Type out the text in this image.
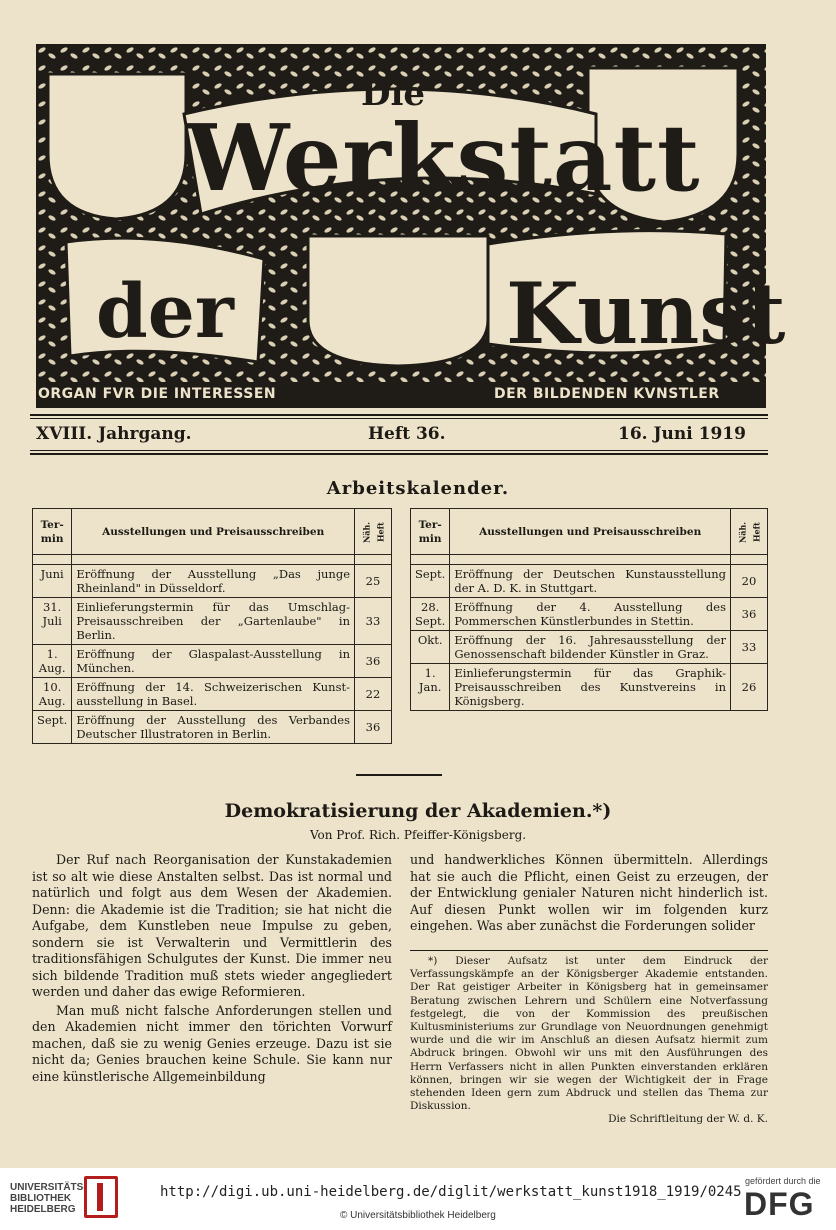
Die
Werkstatt
der	Kunst
ORGAN FVR DIE INTERESSEN	DER BILDENDEN KVNSTLER
XVIII. Jahrgang.	Heft 36.	16. Juni 1919
Arbeitskalender.
Ter-min	Ausstellungen und Preisausschreiben	Näh. Heft

Juni	Eröffnung der Ausstellung „Das junge Rheinland" in Düsseldorf.	25
31. Juli	Einlieferungstermin für das Umschlag-Preisausschreiben der „Gartenlaube" in Berlin.	33
1. Aug.	Eröffnung der Glaspalast-Ausstellung in München.	36
10. Aug.	Eröffnung der 14. Schweizerischen Kunst-ausstellung in Basel.	22
Sept.	Eröffnung der Ausstellung des Verbandes Deutscher Illustratoren in Berlin.	36
Ter-min	Ausstellungen und Preisausschreiben	Näh. Heft

Sept.	Eröffnung der Deutschen Kunstausstellung der A. D. K. in Stuttgart.	20
28. Sept.	Eröffnung der 4. Ausstellung des Pommerschen Künstlerbundes in Stettin.	36
Okt.	Eröffnung der 16. Jahresausstellung der Genossenschaft bildender Künstler in Graz.	33
1. Jan.	Einlieferungstermin für das Graphik-Preisausschreiben des Kunstvereins in Königsberg.	26
Demokratisierung der Akademien.*)
Von Prof. Rich. Pfeiffer-Königsberg.

Der Ruf nach Reorganisation der Kunstakademien ist so alt wie diese Anstalten selbst. Das ist normal und natürlich und folgt aus dem Wesen der Akademien. Denn: die Akademie ist die Tradition; sie hat nicht die Aufgabe, dem Kunstleben neue Impulse zu geben, sondern sie ist Verwalterin und Vermittlerin des traditionsfähigen Schulgutes der Kunst. Die immer neu sich bildende Tradition muß stets wieder angegliedert werden und daher das ewige Reformieren.

Man muß nicht falsche Anforderungen stellen und den Akademien nicht immer den törichten Vorwurf machen, daß sie zu wenig Genies erzeuge. Dazu ist sie nicht da; Genies brauchen keine Schule. Sie kann nur eine künstlerische Allgemeinbildung

und handwerkliches Können übermitteln. Allerdings hat sie auch die Pflicht, einen Geist zu erzeugen, der der Entwicklung genialer Naturen nicht hinderlich ist. Auf diesen Punkt wollen wir im folgenden kurz eingehen. Was aber zunächst die Forderungen solider

*) Dieser Aufsatz ist unter dem Eindruck der Verfassungskämpfe an der Königsberger Akademie entstanden. Der Rat geistiger Arbeiter in Königsberg hat in gemeinsamer Beratung zwischen Lehrern und Schülern eine Notverfassung festgelegt, die von der Kommission des preußischen Kultusministeriums zur Grundlage von Neuordnungen genehmigt wurde und die wir im Anschluß an diesen Aufsatz hiermit zum Abdruck bringen. Obwohl wir uns mit den Ausführungen des Herrn Verfassers nicht in allen Punkten einverstanden erklären können, bringen wir sie wegen der Wichtigkeit der in Frage stehenden Ideen gern zum Abdruck und stellen das Thema zur Diskussion.

Die Schriftleitung der W. d. K.
UNIVERSITÄTS-
BIBLIOTHEK
HEIDELBERG
http://digi.ub.uni-heidelberg.de/diglit/werkstatt_kunst1918_1919/0245
© Universitätsbibliothek Heidelberg
gefördert durch die
DFG
